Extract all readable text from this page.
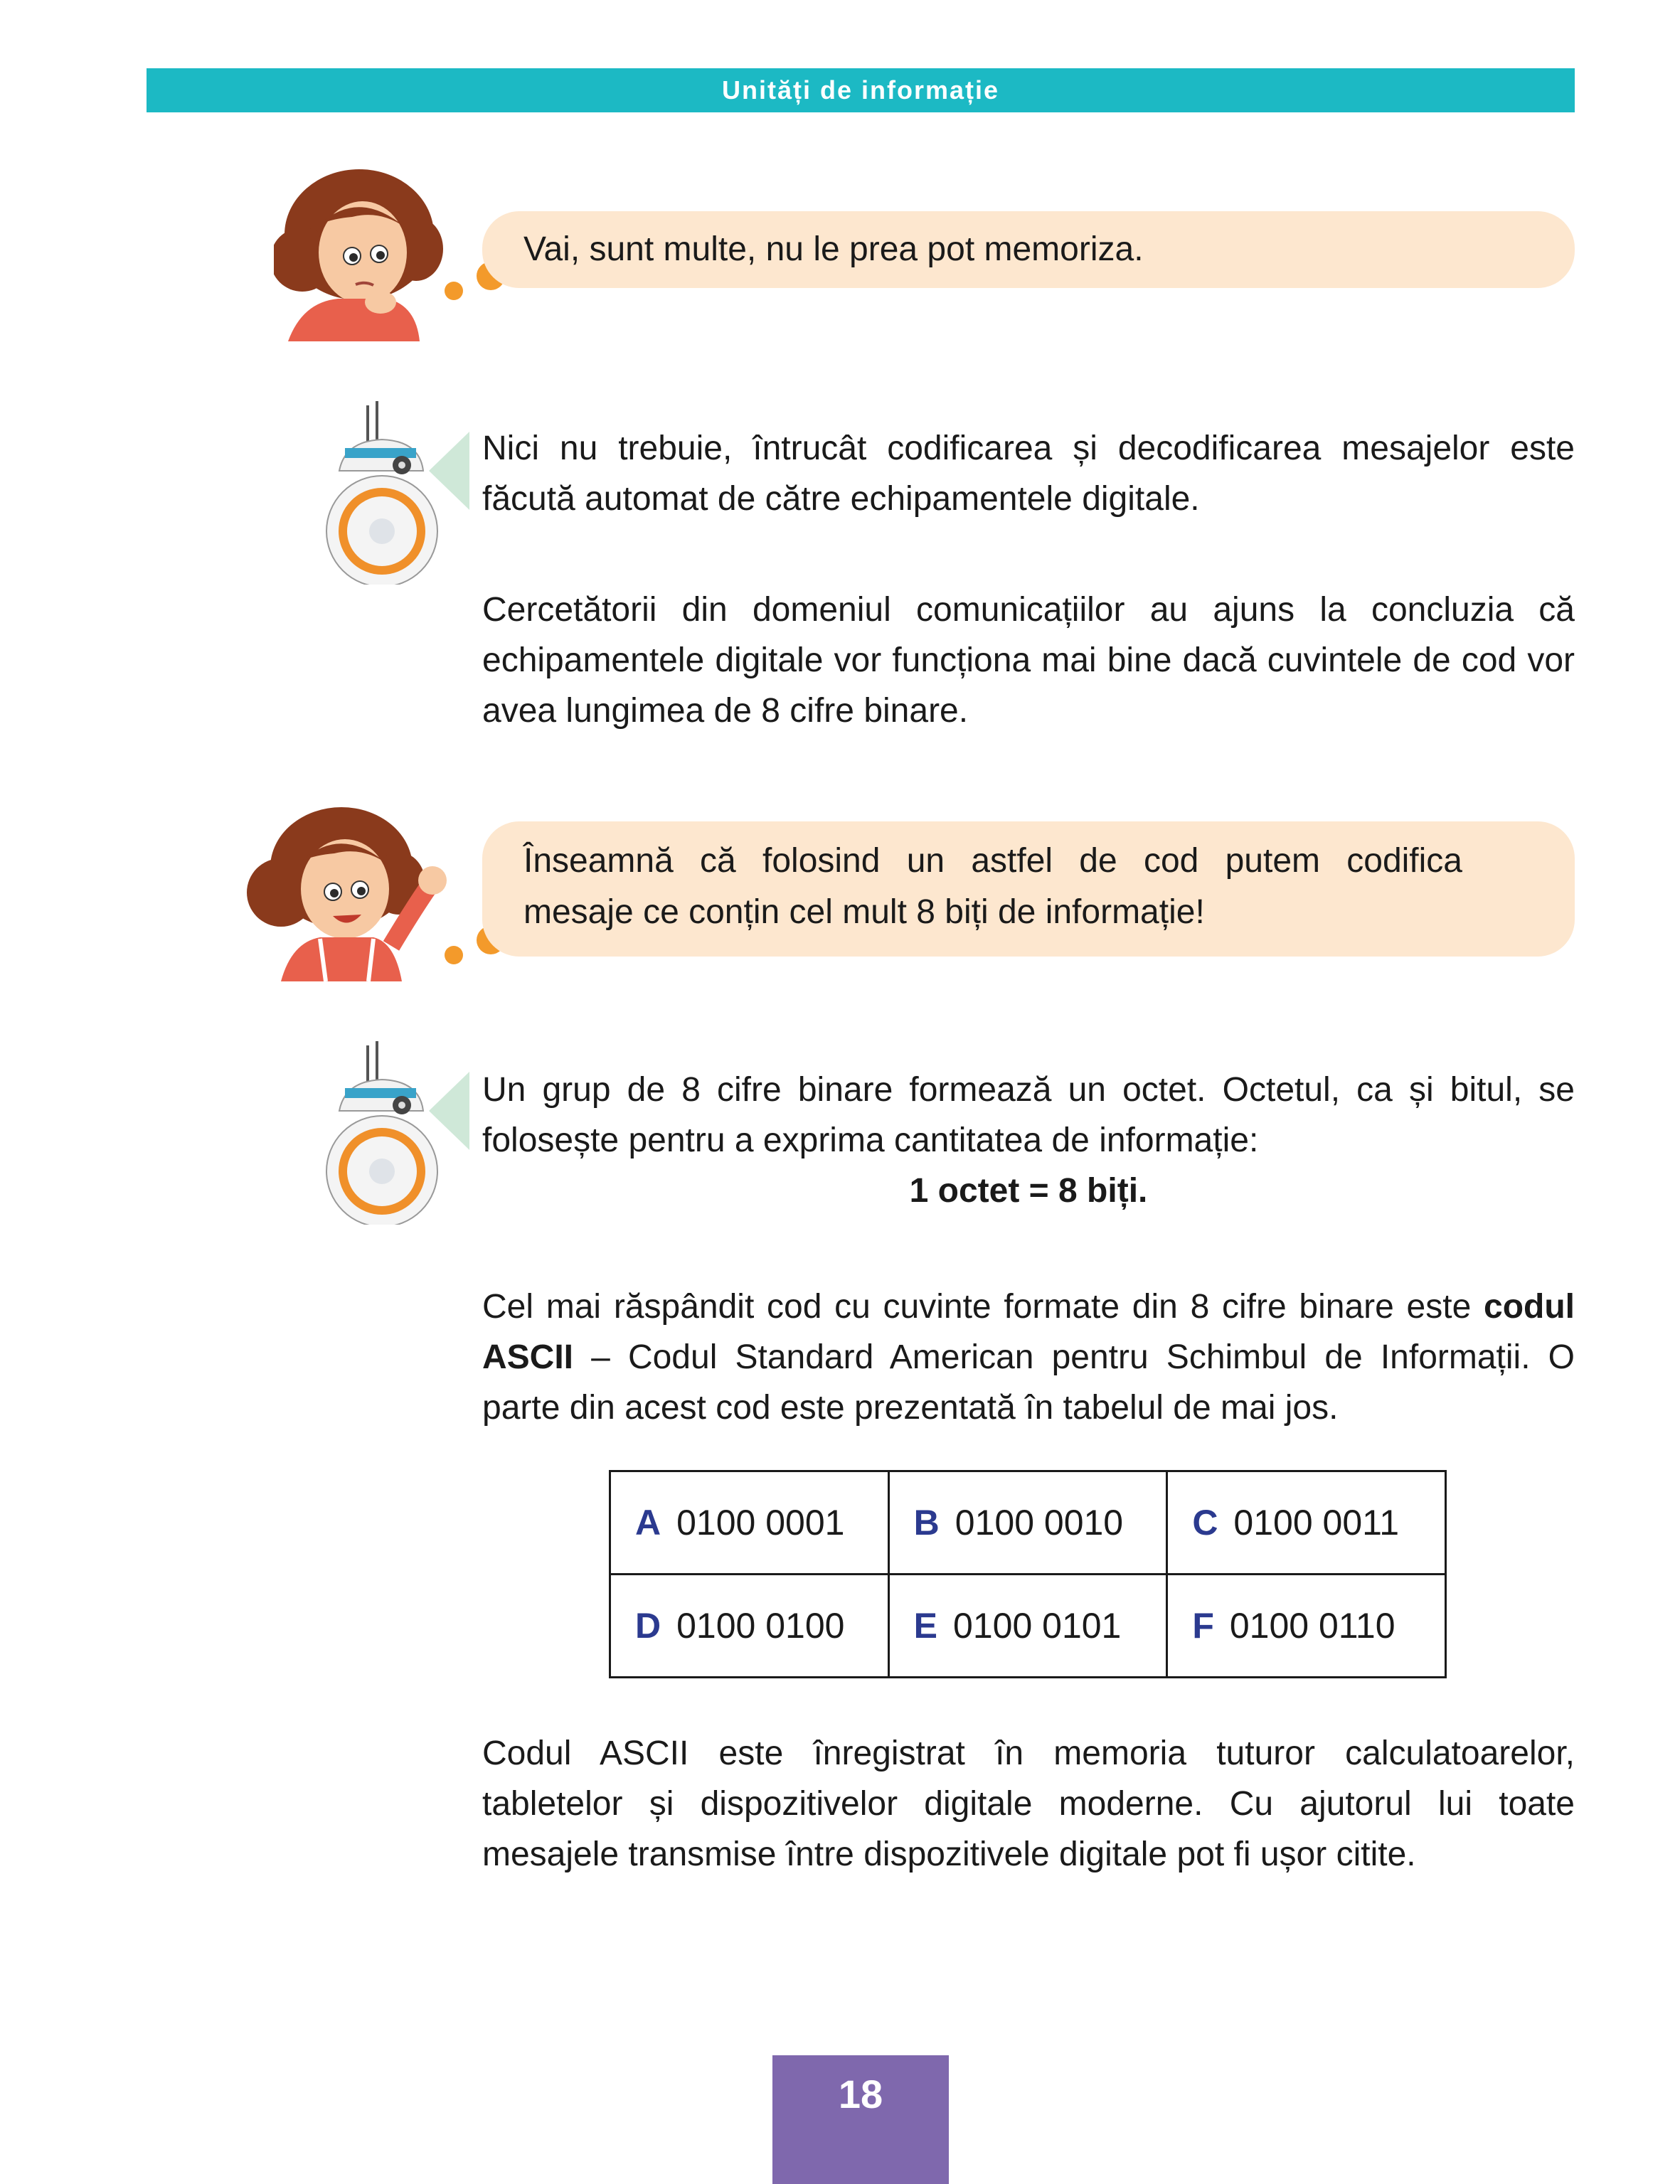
Unități de informație
Vai, sunt multe, nu le prea pot memoriza.
Nici nu trebuie, întrucât codificarea și decodificarea mesajelor este făcută automat de către echipamentele digitale.
Cercetătorii din domeniul comunicațiilor au ajuns la concluzia că echipamentele digitale vor funcționa mai bine dacă cuvintele de cod vor avea lungimea de 8 cifre binare.
Înseamnă că folosind un astfel de cod putem codifica
mesaje ce conțin cel mult 8 biți de informație!
Un grup de 8 cifre binare formează un octet. Octetul, ca și bitul, se folosește pentru a exprima cantitatea de informație:
1 octet = 8 biți.
Cel mai răspândit cod cu cuvinte formate din 8 cifre binare este codul ASCII – Codul Standard American pentru Schimbul de Informații. O parte din acest cod este prezentată în tabelul de mai jos.
A 0100 0001	B 0100 0010	C 0100 0011
D 0100 0100	E 0100 0101	F 0100 0110
Codul ASCII este înregistrat în memoria tuturor calculatoarelor, tabletelor și dispozitivelor digitale moderne. Cu ajutorul lui toate mesajele transmise între dispozitivele digitale pot fi ușor citite.
18
